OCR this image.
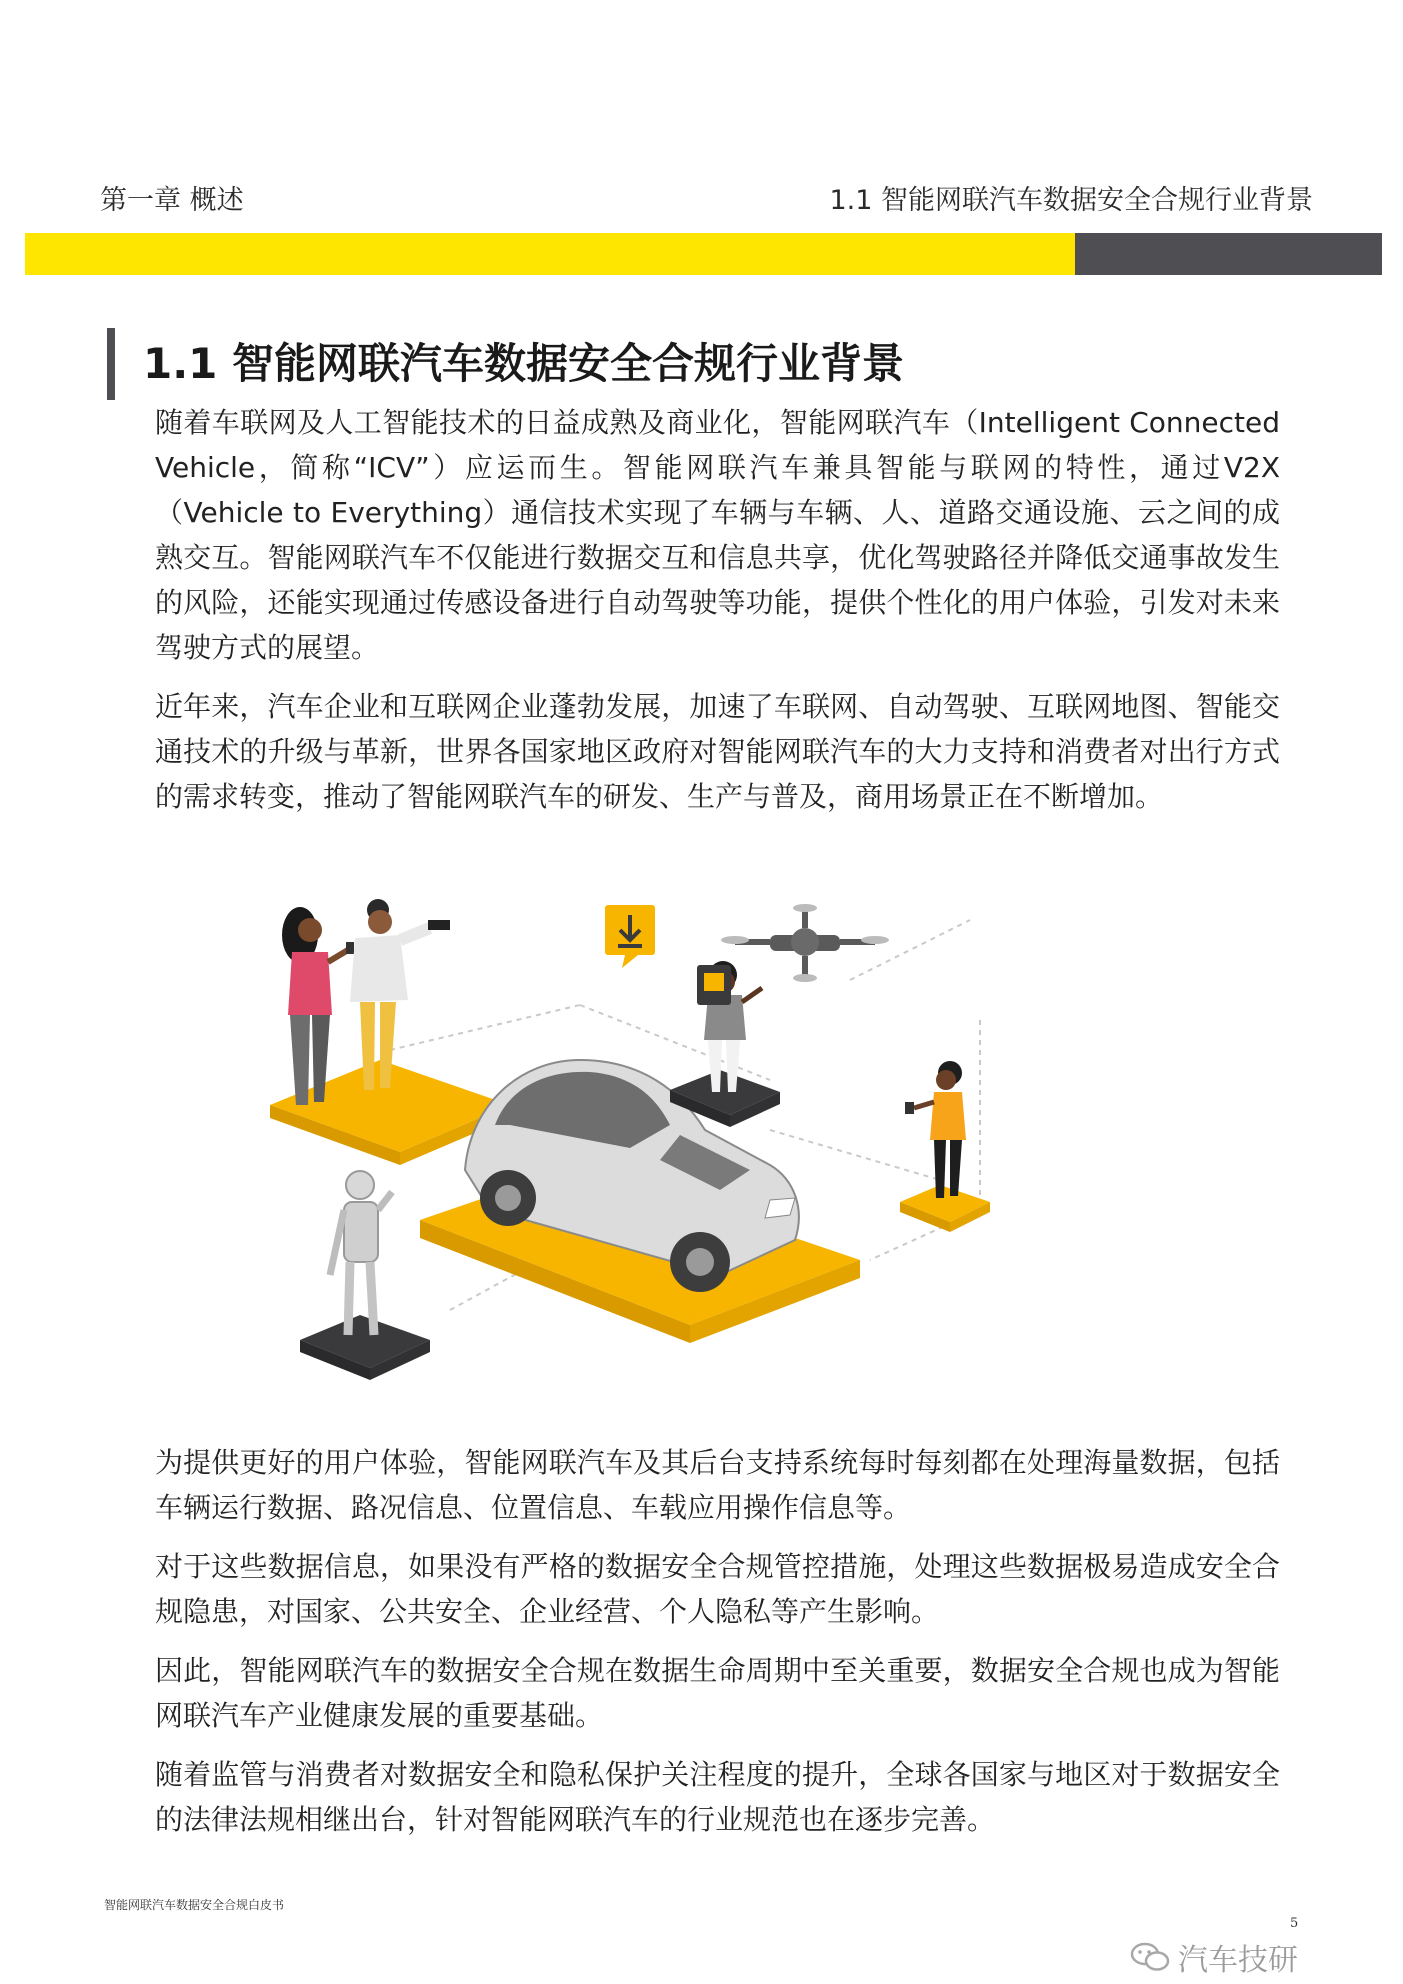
第一章 概述	1.1 智能网联汽车数据安全合规行业背景
1.1 智能网联汽车数据安全合规行业背景

随着车联网及人工智能技术的日益成熟及商业化，智能网联汽车（Intelligent Connected Vehicle，简称“ICV”）应运而生。智能网联汽车兼具智能与联网的特性，通过V2X（Vehicle to Everything）通信技术实现了车辆与车辆、人、道路交通设施、云之间的成熟交互。智能网联汽车不仅能进行数据交互和信息共享，优化驾驶路径并降低交通事故发生的风险，还能实现通过传感设备进行自动驾驶等功能，提供个性化的用户体验，引发对未来驾驶方式的展望。

近年来，汽车企业和互联网企业蓬勃发展，加速了车联网、自动驾驶、互联网地图、智能交通技术的升级与革新，世界各国家地区政府对智能网联汽车的大力支持和消费者对出行方式的需求转变，推动了智能网联汽车的研发、生产与普及，商用场景正在不断增加。

为提供更好的用户体验，智能网联汽车及其后台支持系统每时每刻都在处理海量数据，包括车辆运行数据、路况信息、位置信息、车载应用操作信息等。

对于这些数据信息，如果没有严格的数据安全合规管控措施，处理这些数据极易造成安全合规隐患，对国家、公共安全、企业经营、个人隐私等产生影响。

因此，智能网联汽车的数据安全合规在数据生命周期中至关重要，数据安全合规也成为智能网联汽车产业健康发展的重要基础。

随着监管与消费者对数据安全和隐私保护关注程度的提升，全球各国家与地区对于数据安全的法律法规相继出台，针对智能网联汽车的行业规范也在逐步完善。

智能网联汽车数据安全合规白皮书
5
汽车技研
